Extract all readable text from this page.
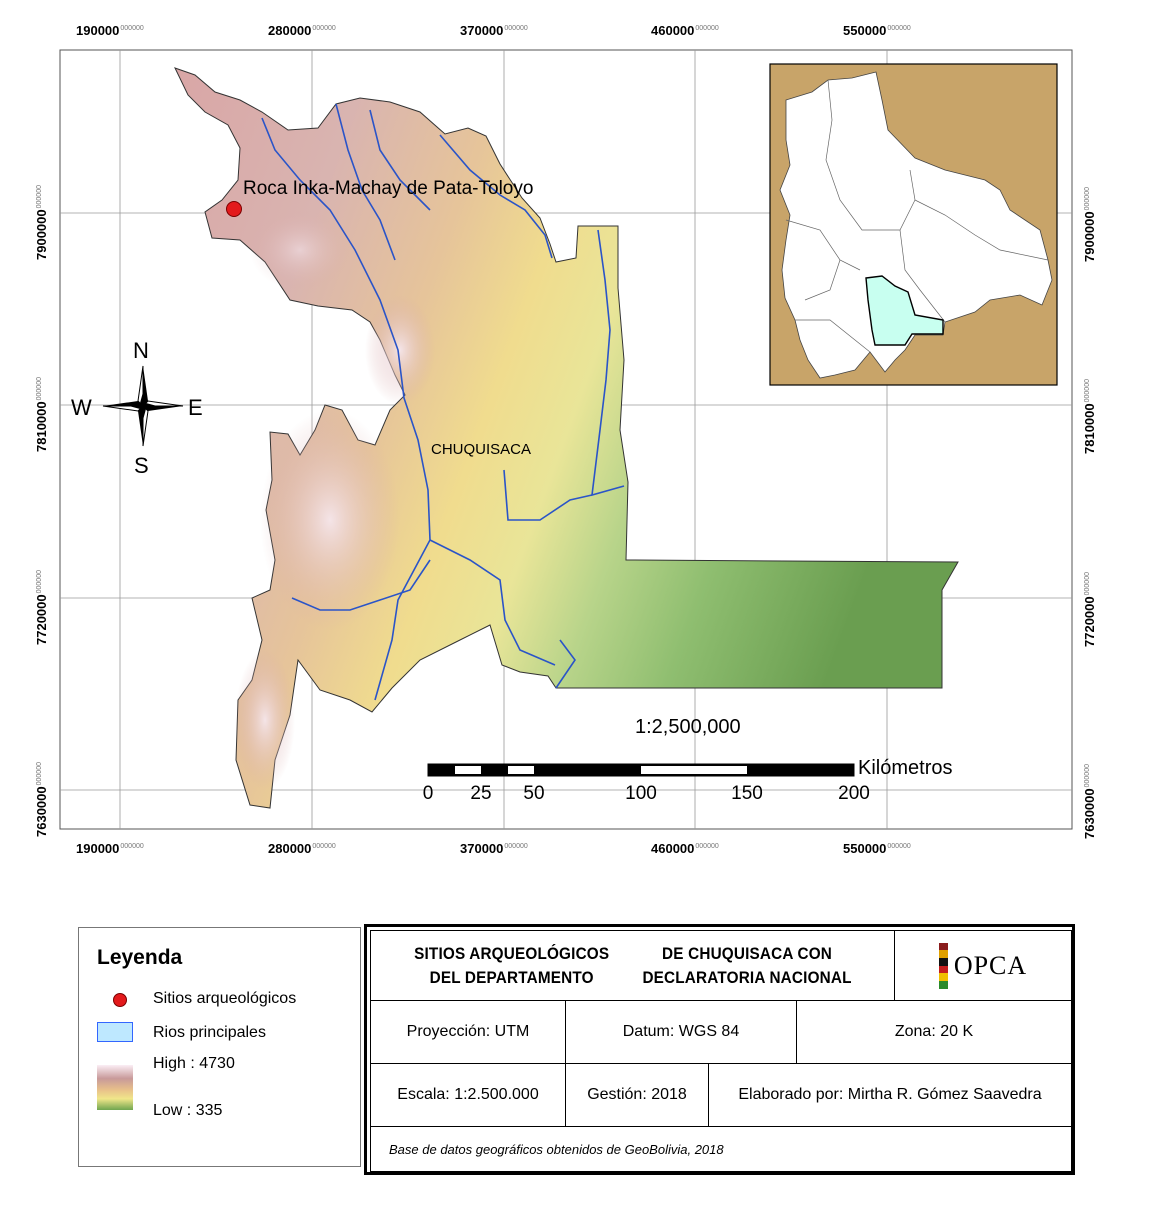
$190000^{000000}$	$280000^{000000}$	$370000^{000000}$	$460000^{000000}$	$550000^{000000}$
$190000^{000000}$	$280000^{000000}$	$370000^{000000}$	$460000^{000000}$	$550000^{000000}$
$7900000^{000000}$
$7810000^{000000}$
$7720000^{000000}$
$7630000^{000000}$
$7900000^{000000}$
$7810000^{000000}$
$7720000^{000000}$
$7630000^{000000}$
Roca Inka-Machay de Pata-Toloyo
CHUQUISACA
N
S
E
W
1:2,500,000
Kilómetros
0	25	50	100	150	200
Leyenda
Sitios arqueológicos
Rios principales
High : 4730
Low : 335
SITIOS ARQUEOLÓGICOS DEL DEPARTAMENTO

DE CHUQUISACA CON DECLARATORIA NACIONAL	OPCA
Proyección: UTM	Datum: WGS 84	Zona: 20 K
Escala: 1:2.500.000	Gestión: 2018	Elaborado por: Mirtha R. Gómez Saavedra
Base de datos geográficos obtenidos de GeoBolivia, 2018
